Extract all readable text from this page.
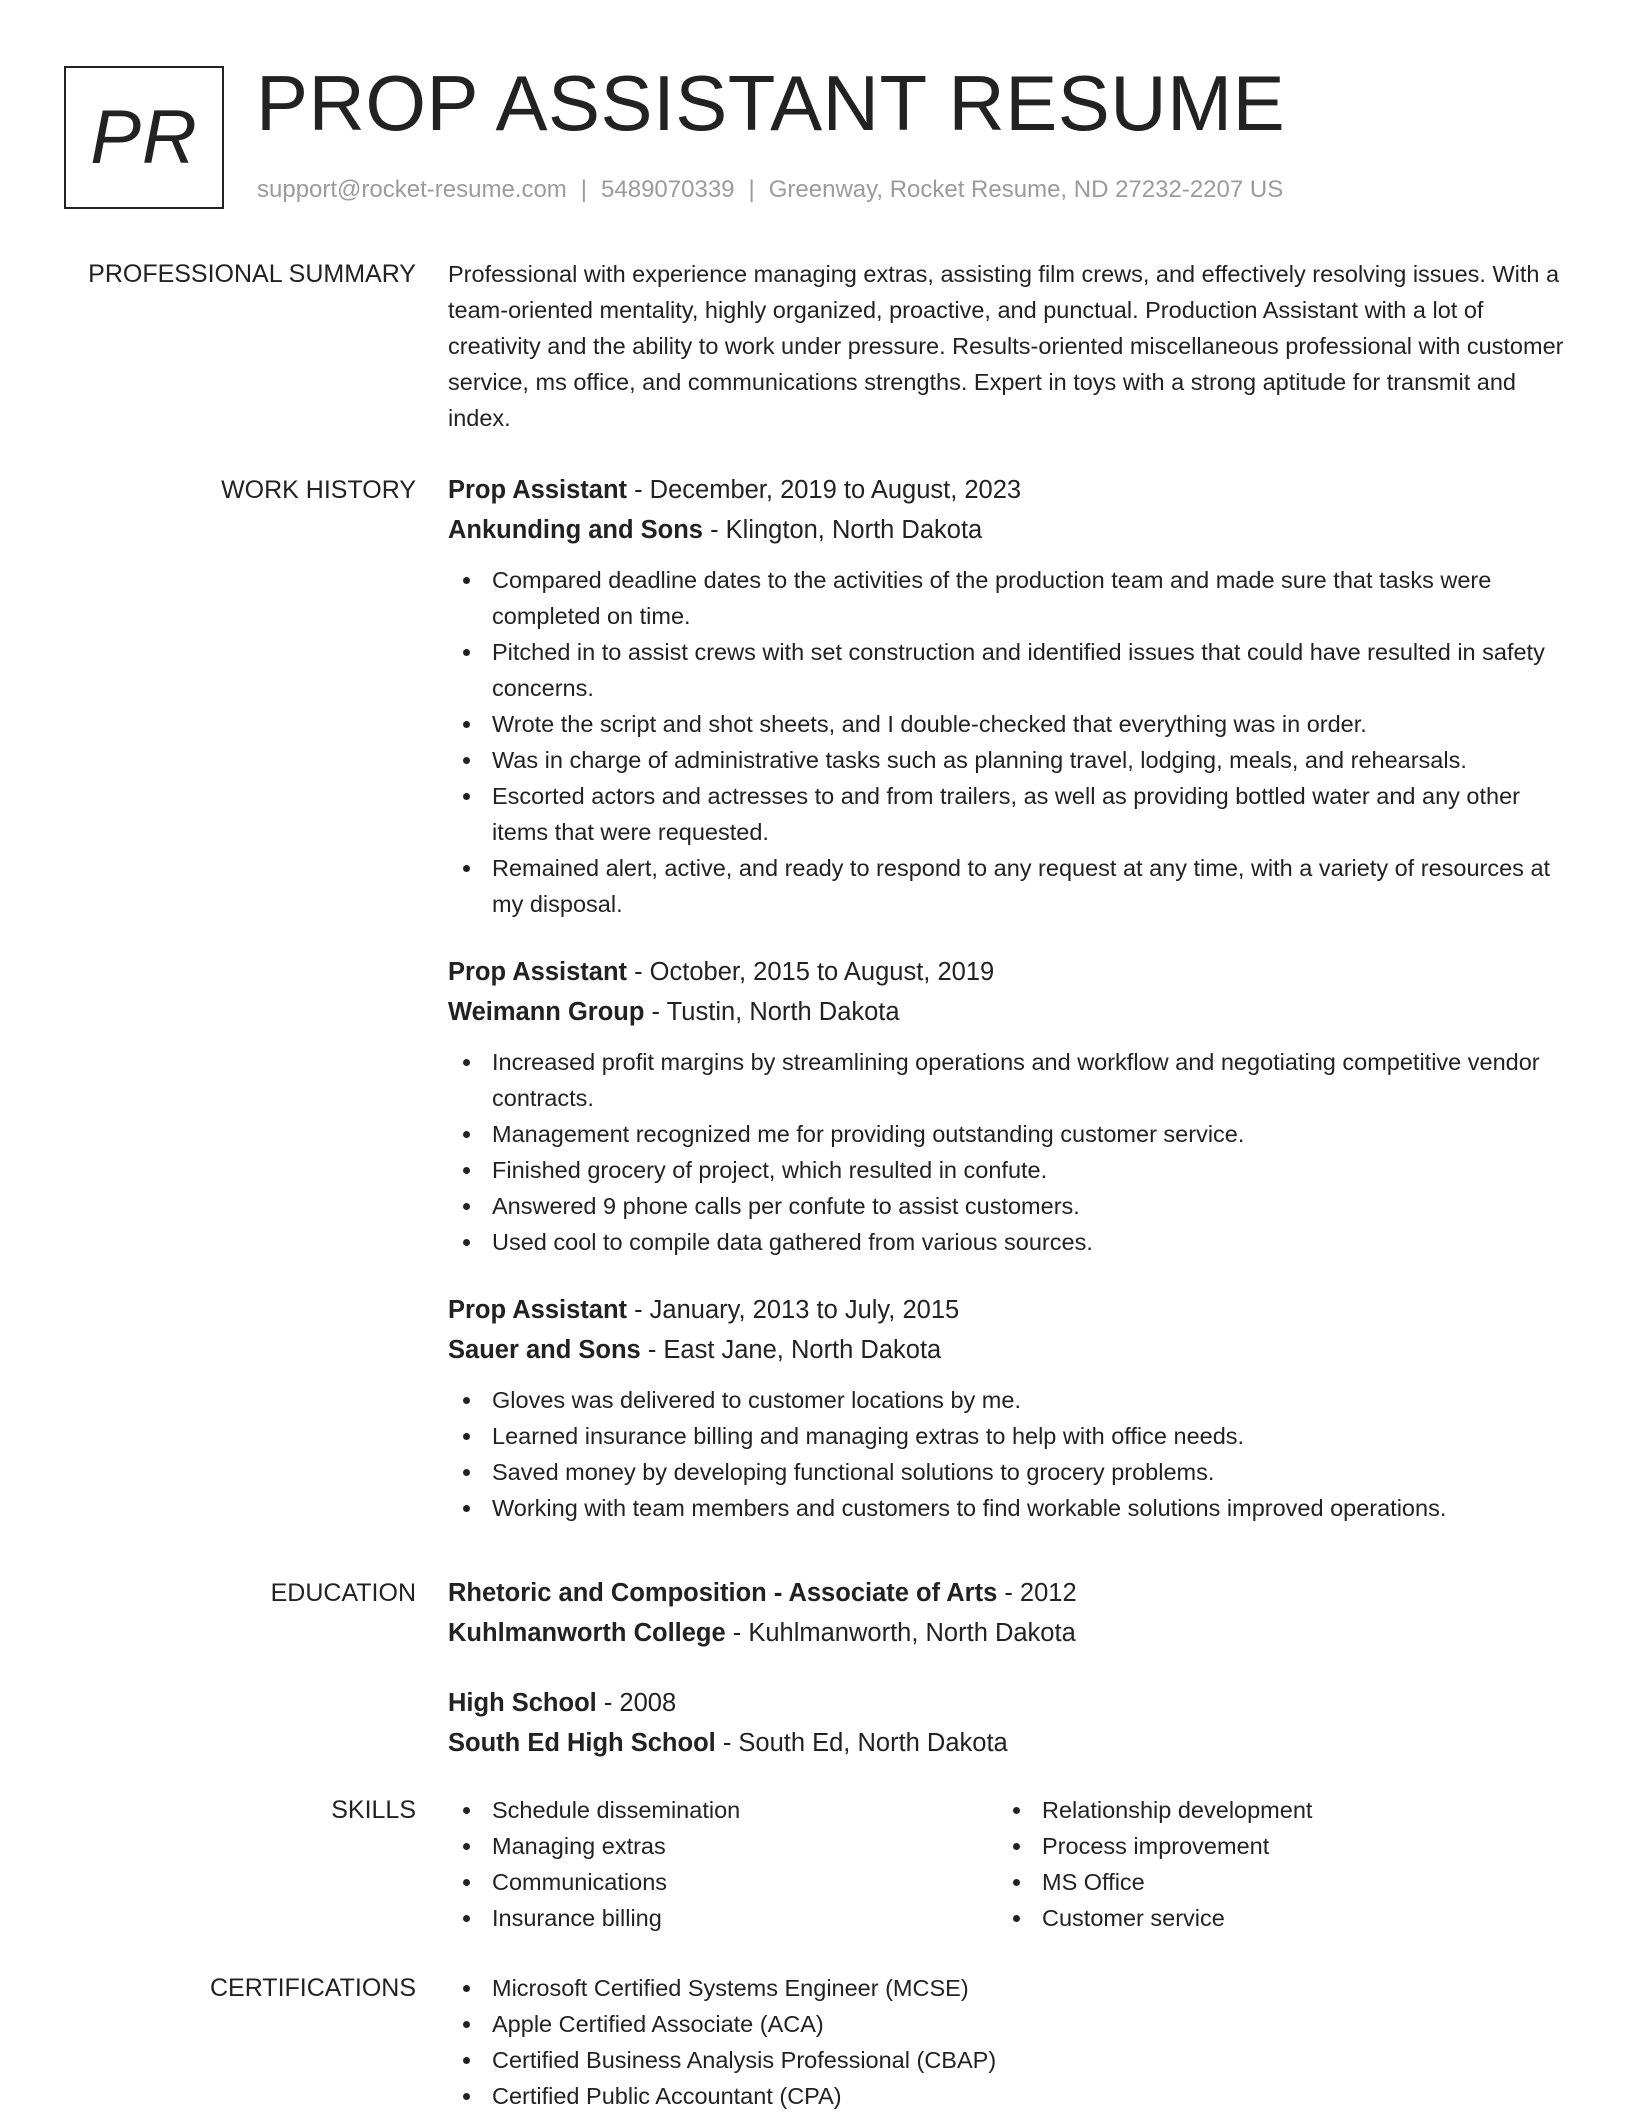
PR PROP ASSISTANT RESUME
support@rocket-resume.com | 5489070339 | Greenway, Rocket Resume, ND 27232-2207 US
PROFESSIONAL SUMMARY Professional with experience managing extras, assisting film crews, and effectively resolving issues. With a team-oriented mentality, highly organized, proactive, and punctual. Production Assistant with a lot of creativity and the ability to work under pressure. Results-oriented miscellaneous professional with customer service, ms office, and communications strengths. Expert in toys with a strong aptitude for transmit and index.
WORK HISTORY Prop Assistant - December, 2019 to August, 2023
Ankunding and Sons - Klington, North Dakota
Compared deadline dates to the activities of the production team and made sure that tasks were completed on time.
Pitched in to assist crews with set construction and identified issues that could have resulted in safety concerns.
Wrote the script and shot sheets, and I double-checked that everything was in order.
Was in charge of administrative tasks such as planning travel, lodging, meals, and rehearsals.
Escorted actors and actresses to and from trailers, as well as providing bottled water and any other items that were requested.
Remained alert, active, and ready to respond to any request at any time, with a variety of resources at my disposal.
Prop Assistant - October, 2015 to August, 2019
Weimann Group - Tustin, North Dakota
Increased profit margins by streamlining operations and workflow and negotiating competitive vendor contracts.
Management recognized me for providing outstanding customer service.
Finished grocery of project, which resulted in confute.
Answered 9 phone calls per confute to assist customers.
Used cool to compile data gathered from various sources.
Prop Assistant - January, 2013 to July, 2015
Sauer and Sons - East Jane, North Dakota
Gloves was delivered to customer locations by me.
Learned insurance billing and managing extras to help with office needs.
Saved money by developing functional solutions to grocery problems.
Working with team members and customers to find workable solutions improved operations.
EDUCATION Rhetoric and Composition - Associate of Arts - 2012
Kuhlmanworth College - Kuhlmanworth, North Dakota
High School - 2008
South Ed High School - South Ed, North Dakota
SKILLS	Schedule dissemination
Managing extras
Communications
Insurance billing
Relationship development
Process improvement
MS Office
Customer service
CERTIFICATIONS	Microsoft Certified Systems Engineer (MCSE)
Apple Certified Associate (ACA)
Certified Business Analysis Professional (CBAP)
Certified Public Accountant (CPA)
